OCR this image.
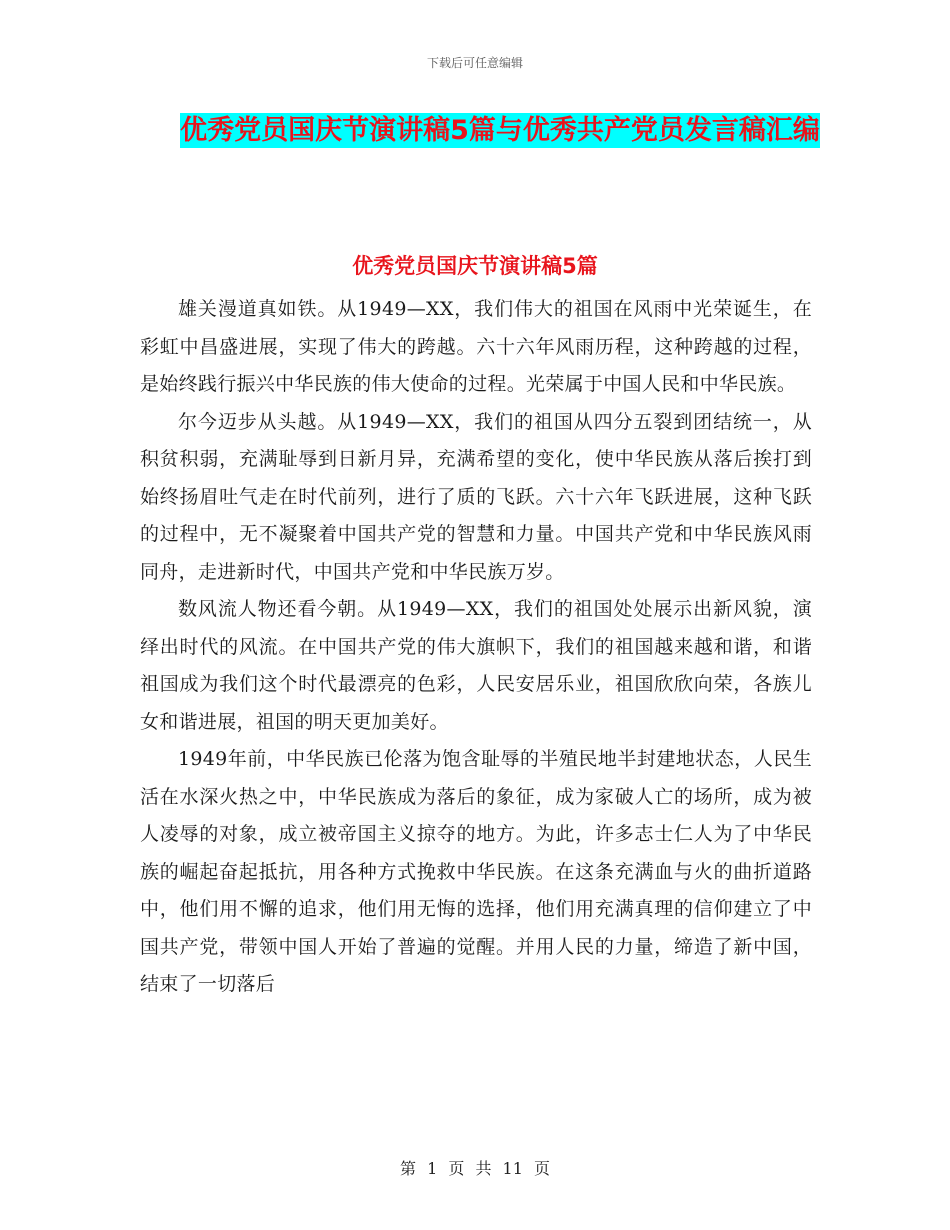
下载后可任意编辑
优秀党员国庆节演讲稿5篇与优秀共产党员发言稿汇编
优秀党员国庆节演讲稿5篇

雄关漫道真如铁。从1949—XX，我们伟大的祖国在风雨中光荣诞生，在彩虹中昌盛进展，实现了伟大的跨越。六十六年风雨历程，这种跨越的过程，是始终践行振兴中华民族的伟大使命的过程。光荣属于中国人民和中华民族。

尔今迈步从头越。从1949—XX，我们的祖国从四分五裂到团结统一，从积贫积弱，充满耻辱到日新月异，充满希望的变化，使中华民族从落后挨打到始终扬眉吐气走在时代前列，进行了质的飞跃。六十六年飞跃进展，这种飞跃的过程中，无不凝聚着中国共产党的智慧和力量。中国共产党和中华民族风雨同舟，走进新时代，中国共产党和中华民族万岁。

数风流人物还看今朝。从1949—XX，我们的祖国处处展示出新风貌，演绎出时代的风流。在中国共产党的伟大旗帜下，我们的祖国越来越和谐，和谐祖国成为我们这个时代最漂亮的色彩，人民安居乐业，祖国欣欣向荣，各族儿女和谐进展，祖国的明天更加美好。

1949年前，中华民族已伦落为饱含耻辱的半殖民地半封建地状态，人民生活在水深火热之中，中华民族成为落后的象征，成为家破人亡的场所，成为被人凌辱的对象，成立被帝国主义掠夺的地方。为此，许多志士仁人为了中华民族的崛起奋起抵抗，用各种方式挽救中华民族。在这条充满血与火的曲折道路中，他们用不懈的追求，他们用无悔的选择，他们用充满真理的信仰建立了中国共产党，带领中国人开始了普遍的觉醒。并用人民的力量，缔造了新中国，结束了一切落后

第 1 页 共 11 页
